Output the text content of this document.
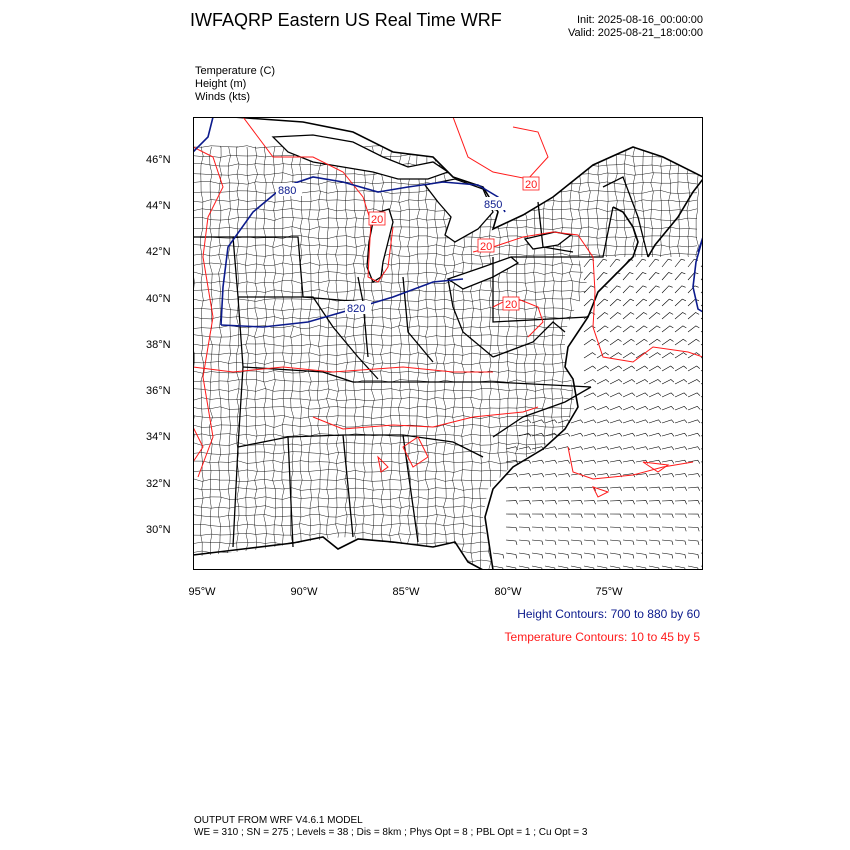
IWFAQRP Eastern US Real Time WRF	Init: 2025-08-16_00:00:00
Valid: 2025-08-21_18:00:00
Temperature (C)
Height (m)
Winds (kts)
880
850
820
20
20
20
20
46°N
44°N
42°N
40°N
38°N
36°N
34°N
32°N
30°N
95°W	90°W	85°W	80°W	75°W
Height Contours: 700 to 880 by 60
Temperature Contours: 10 to 45 by 5
OUTPUT FROM WRF V4.6.1 MODEL
WE = 310 ; SN = 275 ; Levels = 38 ; Dis = 8km ; Phys Opt = 8 ; PBL Opt = 1 ; Cu Opt = 3
